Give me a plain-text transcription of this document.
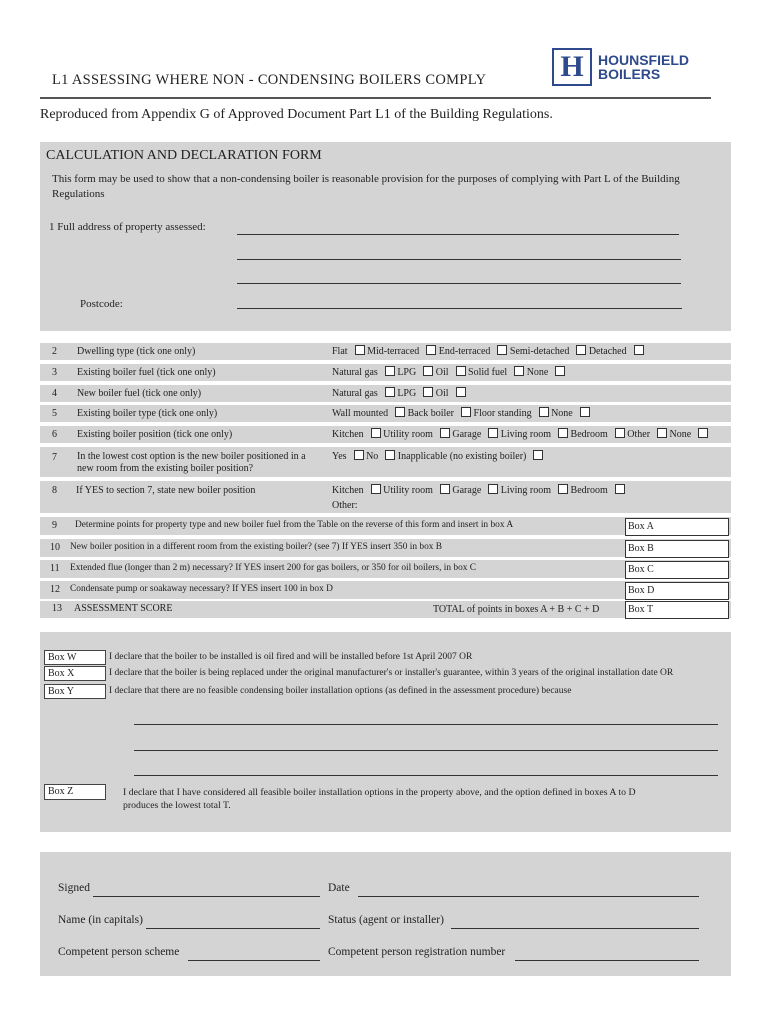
L1 ASSESSING WHERE NON - CONDENSING BOILERS COMPLY H	HOUNSFIELD
BOILERS
Reproduced from Appendix G of Approved Document Part L1 of the Building Regulations.
CALCULATION AND DECLARATION FORM
This form may be used to show that a non-condensing boiler is reasonable provision for the purposes of complying with Part L of the Building Regulations
1 Full address of property assessed:
Postcode:
2 Dwelling type (tick one only)	Flat Mid-terraced End-terraced Semi-detached Detached
3 Existing boiler fuel (tick one only)	Natural gas LPG Oil Solid fuel None
4 New boiler fuel (tick one only)	Natural gas LPG Oil
5 Existing boiler type (tick one only)	Wall mounted Back boiler Floor standing None
6 Existing boiler position (tick one only)	Kitchen Utility room Garage Living room Bedroom Other None
7 In the lowest cost option is the new boiler positioned in a
new room from the existing boiler position?
Yes No Inapplicable (no existing boiler)
8 If YES to section 7, state new boiler position	Kitchen Utility room Garage Living room Bedroom
Other:
9 Determine points for property type and new boiler fuel from the Table on the reverse of this form and insert in box A	Box A
10 New boiler position in a different room from the existing boiler? (see 7) If YES insert 350 in box B	Box B
11 Extended flue (longer than 2 m) necessary? If YES insert 200 for gas boilers, or 350 for oil boilers, in box C	Box C
12 Condensate pump or soakaway necessary? If YES insert 100 in box D	Box D
13 ASSESSMENT SCORE	TOTAL of points in boxes A + B + C + D	Box T
Box W	I declare that the boiler to be installed is oil fired and will be installed before 1st April 2007 OR
Box X	I declare that the boiler is being replaced under the original manufacturer's or installer's guarantee, within 3 years of the original installation date OR
Box Y	I declare that there are no feasible condensing boiler installation options (as defined in the assessment procedure) because
Box Z	I declare that I have considered all feasible boiler installation options in the property above, and the option defined in boxes A to D
produces the lowest total T.
Signed	Date
Name (in capitals)	Status (agent or installer)
Competent person scheme	Competent person registration number
